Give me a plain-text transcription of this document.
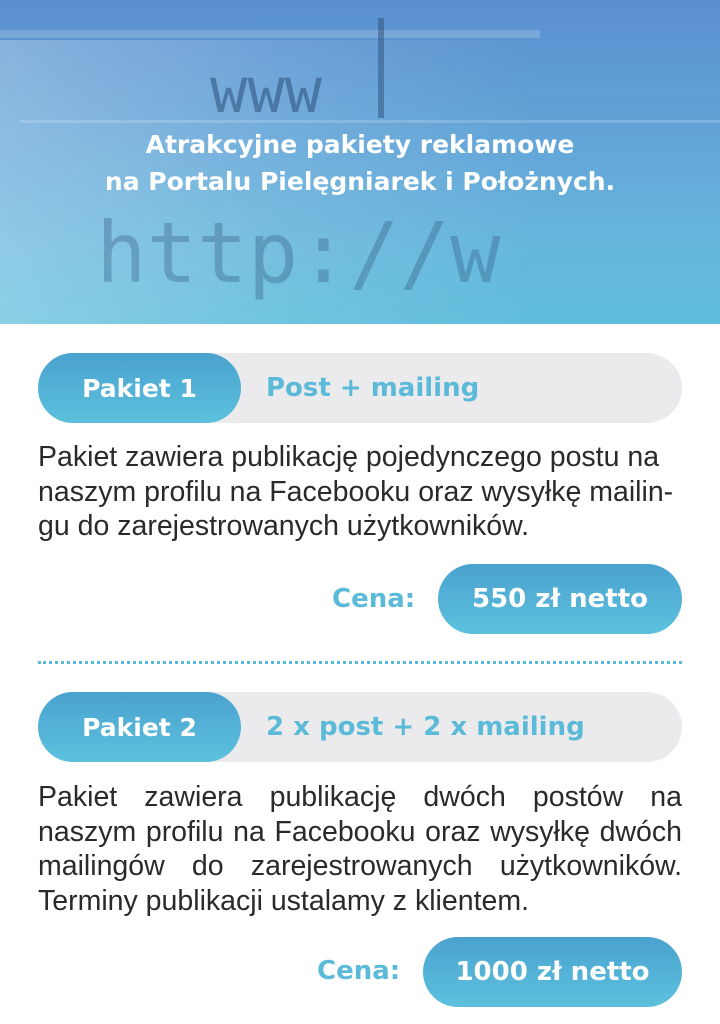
www
http://w
Atrakcyjne pakiety reklamowe
na Portalu Pielęgniarek i Położnych.
Pakiet 1	Post + mailing
Pakiet zawiera publikację pojedynczego postu na
naszym profilu na Facebooku oraz wysyłkę mailin-
gu do zarejestrowanych użytkowników.
Cena:	550 zł netto
Pakiet 2	2 x post + 2 x mailing
Pakiet zawiera publikację dwóch postów na
naszym profilu na Facebooku oraz wysyłkę dwóch
mailingów do zarejestrowanych użytkowników.
Terminy publikacji ustalamy z klientem.
Cena:	1000 zł netto
